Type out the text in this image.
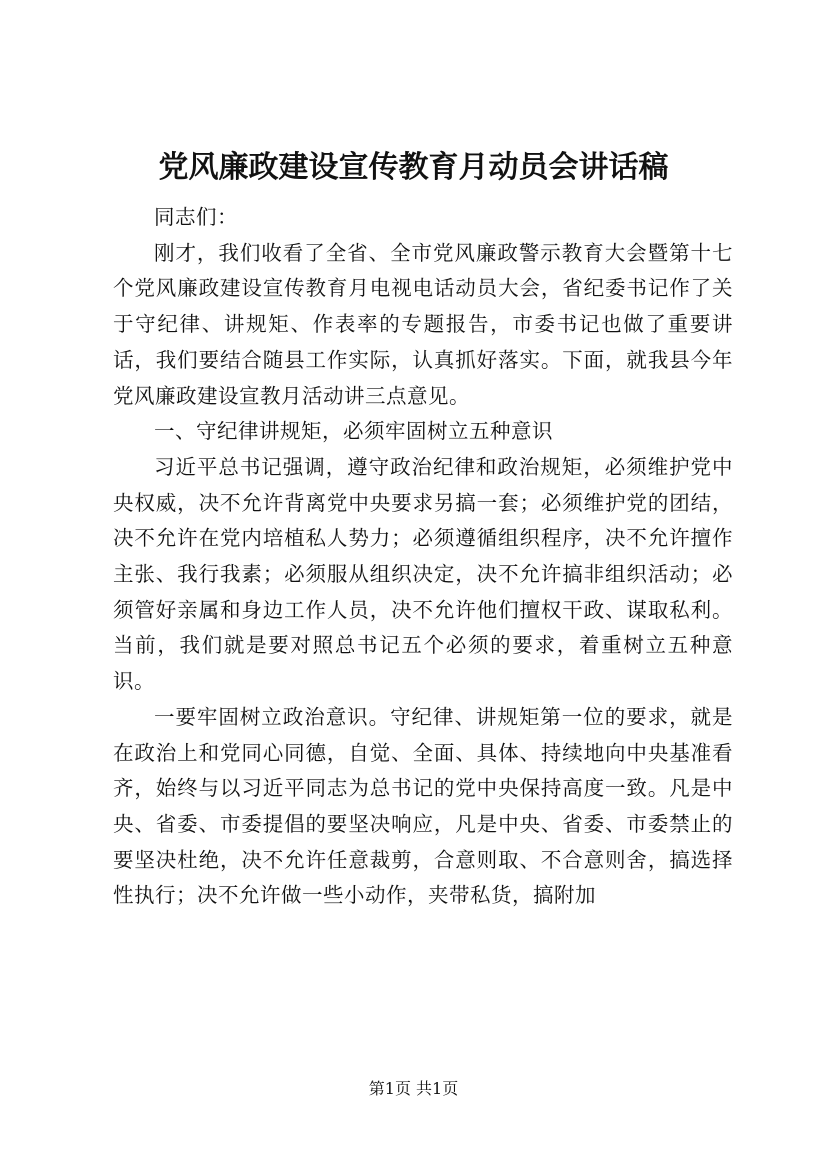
党风廉政建设宣传教育月动员会讲话稿

同志们：

刚才，我们收看了全省、全市党风廉政警示教育大会暨第十七个党风廉政建设宣传教育月电视电话动员大会，省纪委书记作了关于守纪律、讲规矩、作表率的专题报告，市委书记也做了重要讲话，我们要结合随县工作实际，认真抓好落实。下面，就我县今年党风廉政建设宣教月活动讲三点意见。

一、守纪律讲规矩，必须牢固树立五种意识

习近平总书记强调，遵守政治纪律和政治规矩，必须维护党中央权威，决不允许背离党中央要求另搞一套；必须维护党的团结，决不允许在党内培植私人势力；必须遵循组织程序，决不允许擅作主张、我行我素；必须服从组织决定，决不允许搞非组织活动；必须管好亲属和身边工作人员，决不允许他们擅权干政、谋取私利。当前，我们就是要对照总书记五个必须的要求，着重树立五种意识。

一要牢固树立政治意识。守纪律、讲规矩第一位的要求，就是在政治上和党同心同德，自觉、全面、具体、持续地向中央基准看齐，始终与以习近平同志为总书记的党中央保持高度一致。凡是中央、省委、市委提倡的要坚决响应，凡是中央、省委、市委禁止的要坚决杜绝，决不允许任意裁剪，合意则取、不合意则舍，搞选择性执行；决不允许做一些小动作，夹带私货，搞附加

第1页 共1页
